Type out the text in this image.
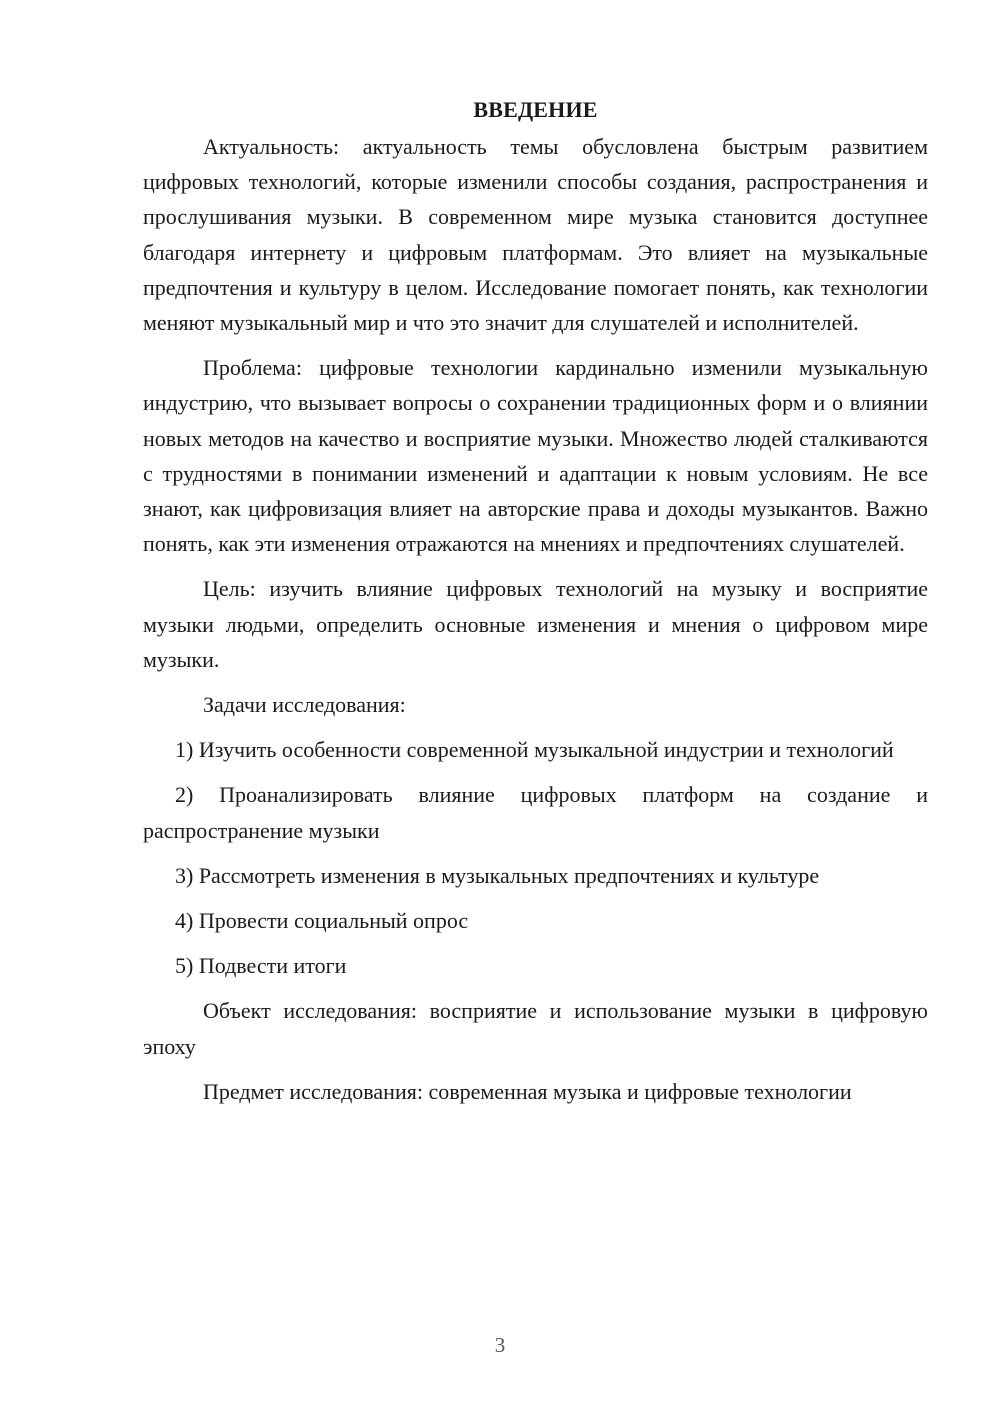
ВВЕДЕНИЕ

Актуальность: актуальность темы обусловлена быстрым развитием цифровых технологий, которые изменили способы создания, распространения и прослушивания музыки. В современном мире музыка становится доступнее благодаря интернету и цифровым платформам. Это влияет на музыкальные предпочтения и культуру в целом. Исследование помогает понять, как технологии меняют музыкальный мир и что это значит для слушателей и исполнителей.

Проблема: цифровые технологии кардинально изменили музыкальную индустрию, что вызывает вопросы о сохранении традиционных форм и о влиянии новых методов на качество и восприятие музыки. Множество людей сталкиваются с трудностями в понимании изменений и адаптации к новым условиям. Не все знают, как цифровизация влияет на авторские права и доходы музыкантов. Важно понять, как эти изменения отражаются на мнениях и предпочтениях слушателей.

Цель: изучить влияние цифровых технологий на музыку и восприятие музыки людьми, определить основные изменения и мнения о цифровом мире музыки.

Задачи исследования:

1) Изучить особенности современной музыкальной индустрии и технологий

2) Проанализировать влияние цифровых платформ на создание и распространение музыки

3) Рассмотреть изменения в музыкальных предпочтениях и культуре

4) Провести социальный опрос

5) Подвести итоги

Объект исследования: восприятие и использование музыки в цифровую эпоху

Предмет исследования: современная музыка и цифровые технологии

3
